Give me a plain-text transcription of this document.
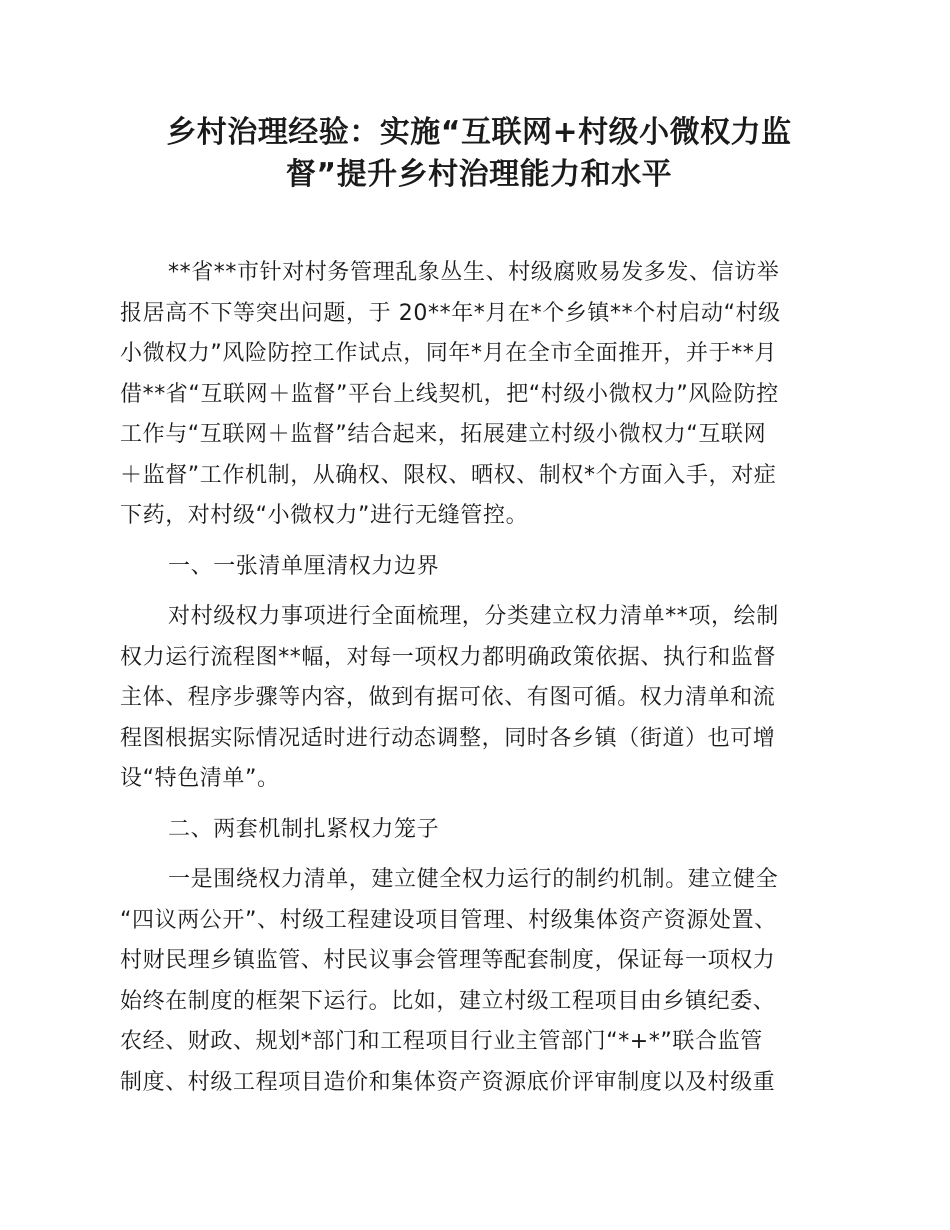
乡村治理经验：实施“互联网+村级小微权力监
督”提升乡村治理能力和水平

**省**市针对村务管理乱象丛生、村级腐败易发多发、信访举
报居高不下等突出问题，于 20**年*月在*个乡镇**个村启动“村级
小微权力”风险防控工作试点，同年*月在全市全面推开，并于**月
借**省“互联网＋监督”平台上线契机，把“村级小微权力”风险防控
工作与“互联网＋监督”结合起来，拓展建立村级小微权力“互联网
＋监督”工作机制，从确权、限权、晒权、制权*个方面入手，对症
下药，对村级“小微权力”进行无缝管控。

一、一张清单厘清权力边界

对村级权力事项进行全面梳理，分类建立权力清单**项，绘制
权力运行流程图**幅，对每一项权力都明确政策依据、执行和监督
主体、程序步骤等内容，做到有据可依、有图可循。权力清单和流
程图根据实际情况适时进行动态调整，同时各乡镇（街道）也可增
设“特色清单”。

二、两套机制扎紧权力笼子

一是围绕权力清单，建立健全权力运行的制约机制。建立健全
“四议两公开”、村级工程建设项目管理、村级集体资产资源处置、
村财民理乡镇监管、村民议事会管理等配套制度，保证每一项权力
始终在制度的框架下运行。比如，建立村级工程项目由乡镇纪委、
农经、财政、规划*部门和工程项目行业主管部门“*+*”联合监管
制度、村级工程项目造价和集体资产资源底价评审制度以及村级重
